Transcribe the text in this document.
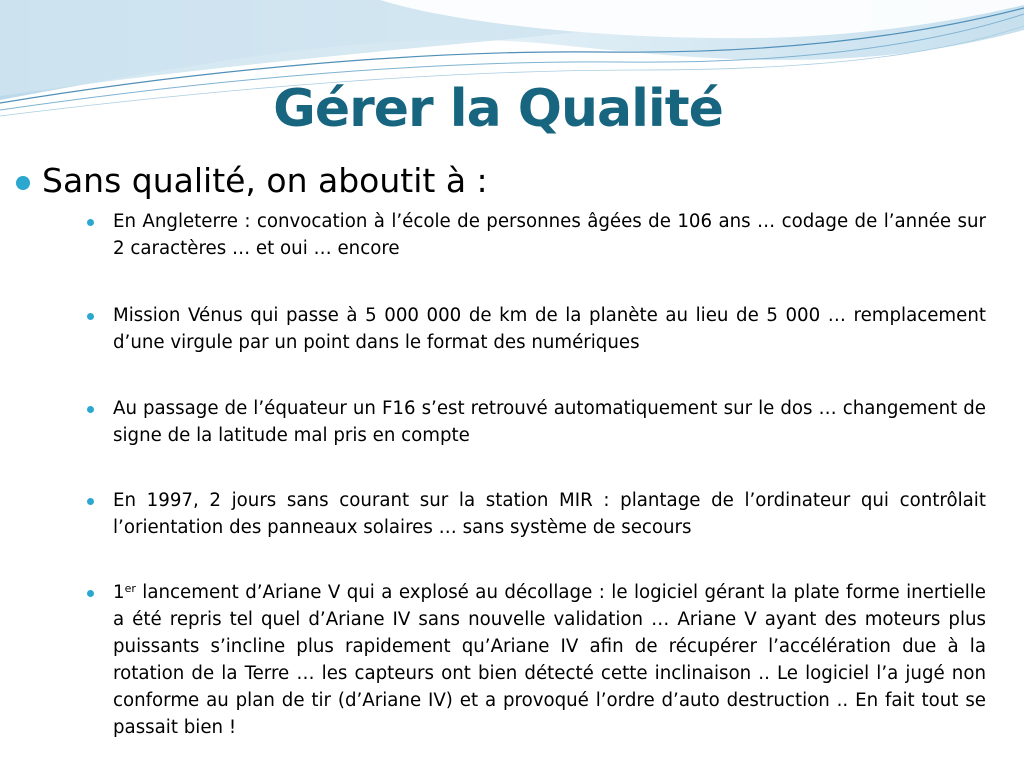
Gérer la Qualité
Sans qualité, on aboutit à :
En Angleterre : convocation à l’école de personnes âgées de 106 ans … codage de l’année sur 2 caractères … et oui … encore
Mission Vénus qui passe à 5 000 000 de km de la planète au lieu de 5 000 … remplacement d’une virgule par un point dans le format des numériques
Au passage de l’équateur un F16 s’est retrouvé automatiquement sur le dos … changement de signe de la latitude mal pris en compte
En 1997, 2 jours sans courant sur la station MIR : plantage de l’ordinateur qui contrôlait l’orientation des panneaux solaires … sans système de secours
1er lancement d’Ariane V qui a explosé au décollage : le logiciel gérant la plate forme inertielle a été repris tel quel d’Ariane IV sans nouvelle validation … Ariane V ayant des moteurs plus puissants s’incline plus rapidement qu’Ariane IV afin de récupérer l’accélération due à la rotation de la Terre … les capteurs ont bien détecté cette inclinaison .. Le logiciel l’a jugé non conforme au plan de tir (d’Ariane IV) et a provoqué l’ordre d’auto destruction .. En fait tout se passait bien !
